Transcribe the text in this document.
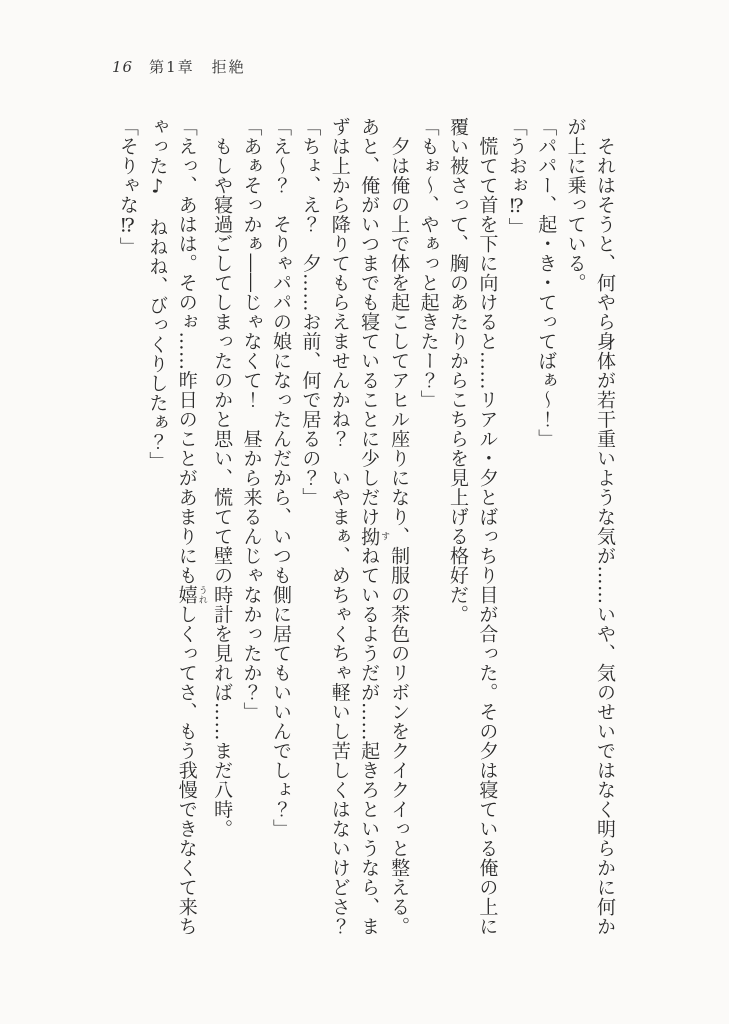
16 第1章　拒絶

　それはそうと、何やら身体が若干重いような気が……いや、気のせいではなく明らかに何かが上に乗っている。

「パパー、起・き・てってばぁ〜！」

「うおぉ⁉」

　慌てて首を下に向けると……リアル・夕とばっちり目が合った。その夕は寝ている俺の上に覆い被さって、胸のあたりからこちらを見上げる格好だ。

「もぉ〜、やぁっと起きたー？」

　夕は俺の上で体を起こしてアヒル座りになり、制服の茶色のリボンをクイクイっと整える。あと、俺がいつまでも寝ていることに少しだけ拗 すねているようだが……起きろというなら、まずは上から降りてもらえませんかね？　いやまぁ、めちゃくちゃ軽いし苦しくはないけどさ？

「ちょ、え？　夕……お前、何で居るの？」

「え〜？　そりゃパパの娘になったんだから、いつも側に居てもいいんでしょ？」

「あぁそっかぁ――じゃなくて！　昼から来るんじゃなかったか？」

　もしや寝過ごしてしまったのかと思い、慌てて壁の時計を見れば……まだ八時。

「えっ、あはは。そのぉ……昨日のことがあまりにも嬉 うれしくってさ、もう我慢できなくて来ちゃった♪　ねねね、びっくりしたぁ？」

「そりゃな⁉」
